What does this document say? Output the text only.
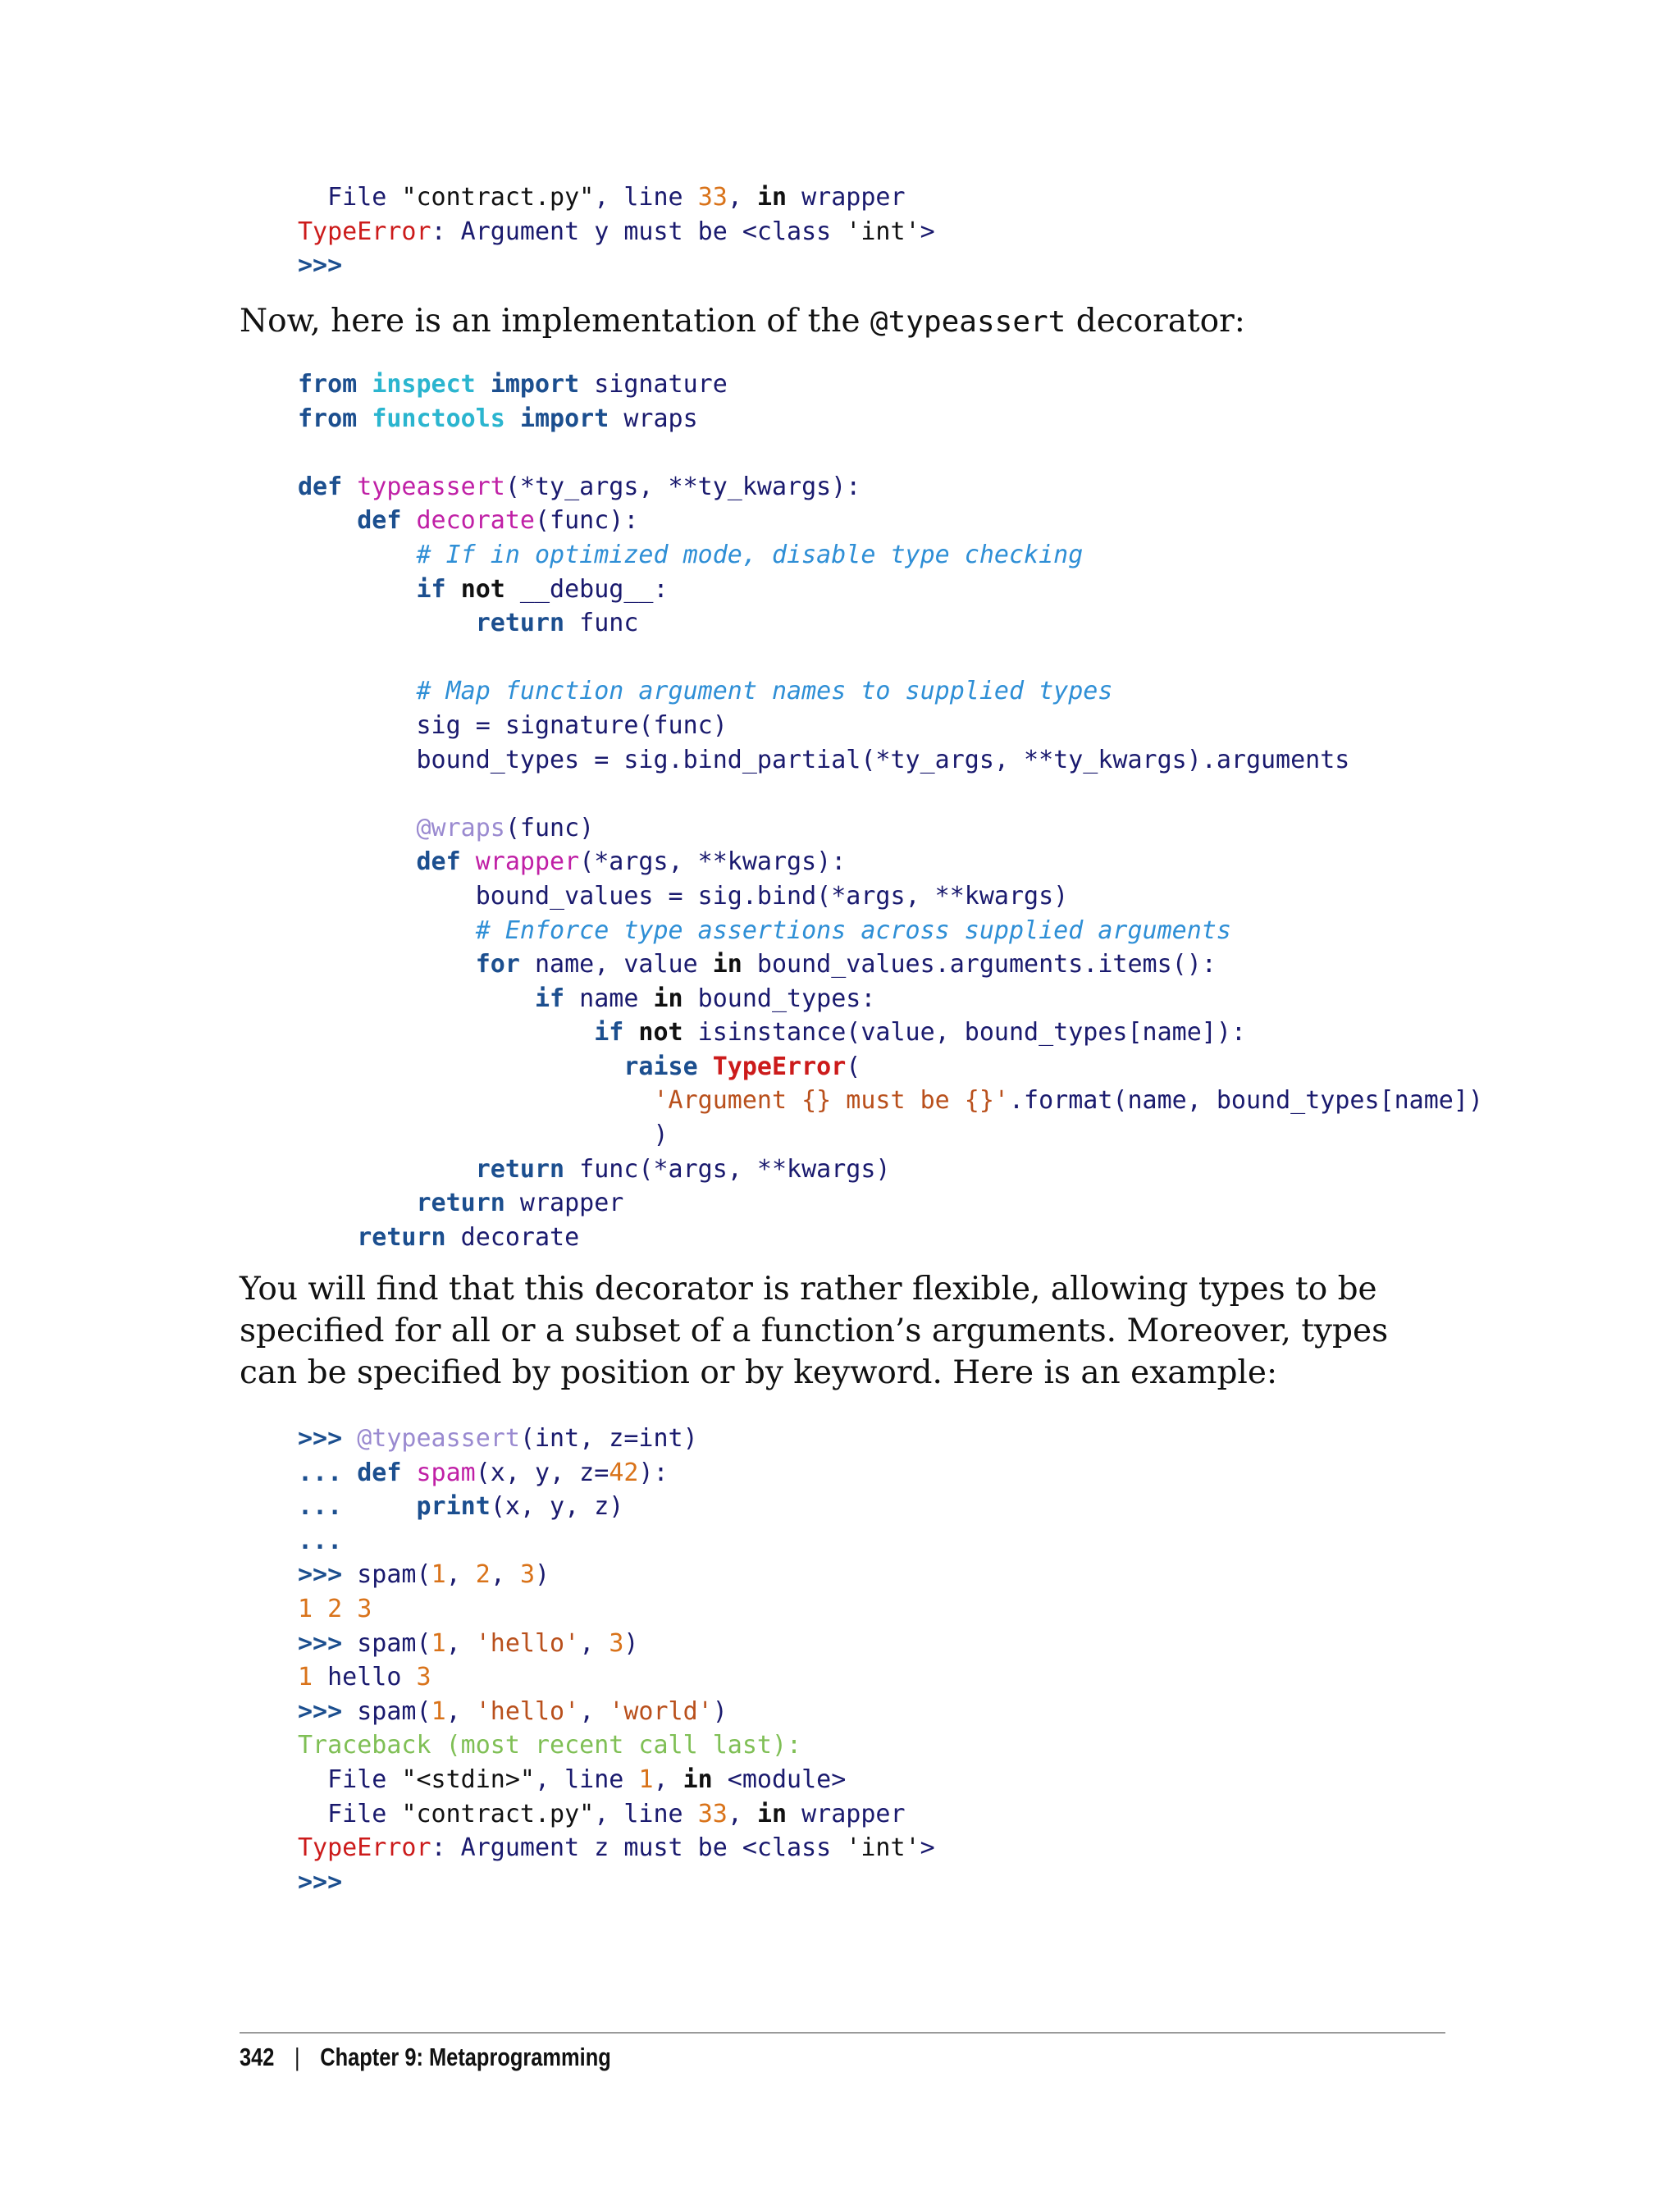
File "contract.py", line 33, in wrapper
TypeError: Argument y must be <class 'int'>
>>>

Now, here is an implementation of the @typeassert decorator:

from inspect import signature
from functools import wraps
def typeassert(*ty_args, **ty_kwargs):
def decorate(func):
# If in optimized mode, disable type checking
if not __debug__:
return func
# Map function argument names to supplied types
sig = signature(func)
bound_types = sig.bind_partial(*ty_args, **ty_kwargs).arguments
@wraps(func)
def wrapper(*args, **kwargs):
bound_values = sig.bind(*args, **kwargs)
# Enforce type assertions across supplied arguments
for name, value in bound_values.arguments.items():
if name in bound_types:
if not isinstance(value, bound_types[name]):
raise TypeError(
'Argument {} must be {}'.format(name, bound_types[name])
)
return func(*args, **kwargs)
return wrapper
return decorate

You will find that this decorator is rather flexible, allowing types to be specified for all or a subset of a function’s arguments. Moreover, types can be specified by position or by keyword. Here is an example:

>>> @typeassert(int, z=int)
... def spam(x, y, z=42):
...	print(x, y, z)
...
>>> spam(1, 2, 3)
1 2 3
>>> spam(1, 'hello', 3)
1 hello 3
>>> spam(1, 'hello', 'world')
Traceback (most recent call last):
File "<stdin>", line 1, in <module>
File "contract.py", line 33, in wrapper
TypeError: Argument z must be <class 'int'>
>>>
342 | Chapter 9: Metaprogramming
